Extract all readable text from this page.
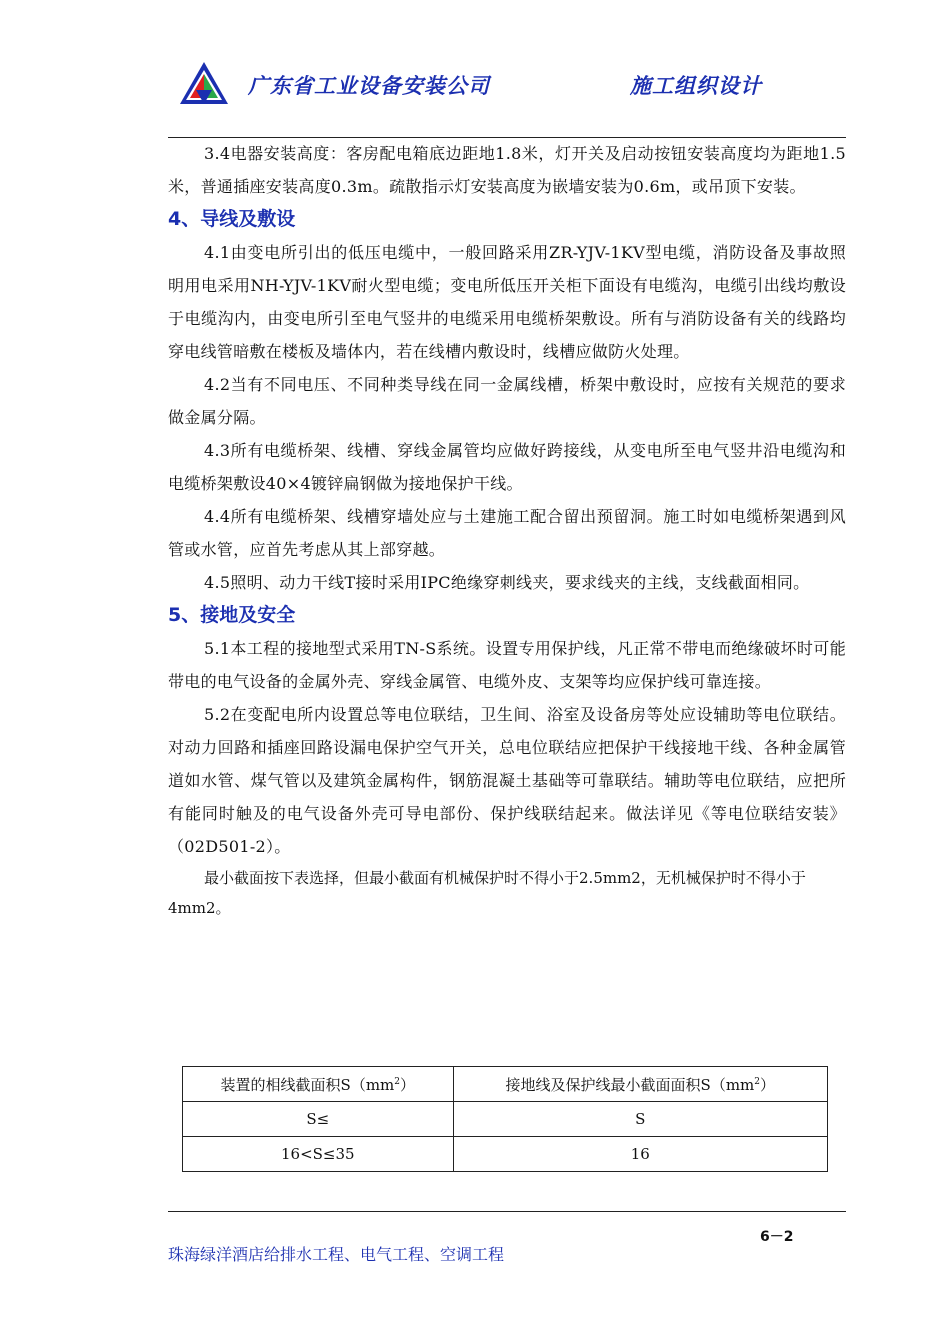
广东省工业设备安装公司	施工组织设计

3.4电器安装高度：客房配电箱底边距地1.8米，灯开关及启动按钮安装高度均为距地1.5米，普通插座安装高度0.3m。疏散指示灯安装高度为嵌墙安装为0.6m，或吊顶下安装。

4、导线及敷设

4.1由变电所引出的低压电缆中，一般回路采用ZR-YJV-1KV型电缆，消防设备及事故照明用电采用NH-YJV-1KV耐火型电缆；变电所低压开关柜下面设有电缆沟，电缆引出线均敷设于电缆沟内，由变电所引至电气竖井的电缆采用电缆桥架敷设。所有与消防设备有关的线路均穿电线管暗敷在楼板及墙体内，若在线槽内敷设时，线槽应做防火处理。

4.2当有不同电压、不同种类导线在同一金属线槽，桥架中敷设时，应按有关规范的要求做金属分隔。

4.3所有电缆桥架、线槽、穿线金属管均应做好跨接线，从变电所至电气竖井沿电缆沟和电缆桥架敷设40×4镀锌扁钢做为接地保护干线。

4.4所有电缆桥架、线槽穿墙处应与土建施工配合留出预留洞。施工时如电缆桥架遇到风管或水管，应首先考虑从其上部穿越。

4.5照明、动力干线T接时采用IPC绝缘穿刺线夹，要求线夹的主线，支线截面相同。

5、接地及安全

5.1本工程的接地型式采用TN-S系统。设置专用保护线，凡正常不带电而绝缘破坏时可能带电的电气设备的金属外壳、穿线金属管、电缆外皮、支架等均应保护线可靠连接。

5.2在变配电所内设置总等电位联结，卫生间、浴室及设备房等处应设辅助等电位联结。对动力回路和插座回路设漏电保护空气开关，总电位联结应把保护干线接地干线、各种金属管道如水管、煤气管以及建筑金属构件，钢筋混凝土基础等可靠联结。辅助等电位联结，应把所有能同时触及的电气设备外壳可导电部份、保护线联结起来。做法详见《等电位联结安装》（02D501-2）。

最小截面按下表选择，但最小截面有机械保护时不得小于2.5mm2，无机械保护时不得小于4mm2。

装置的相线截面积$S(mm^2)$	接地线及保护线最小截面面积$S(mm^2)$
S≤	S
16<S≤35	16
6－2
珠海绿洋酒店给排水工程、电气工程、空调工程
